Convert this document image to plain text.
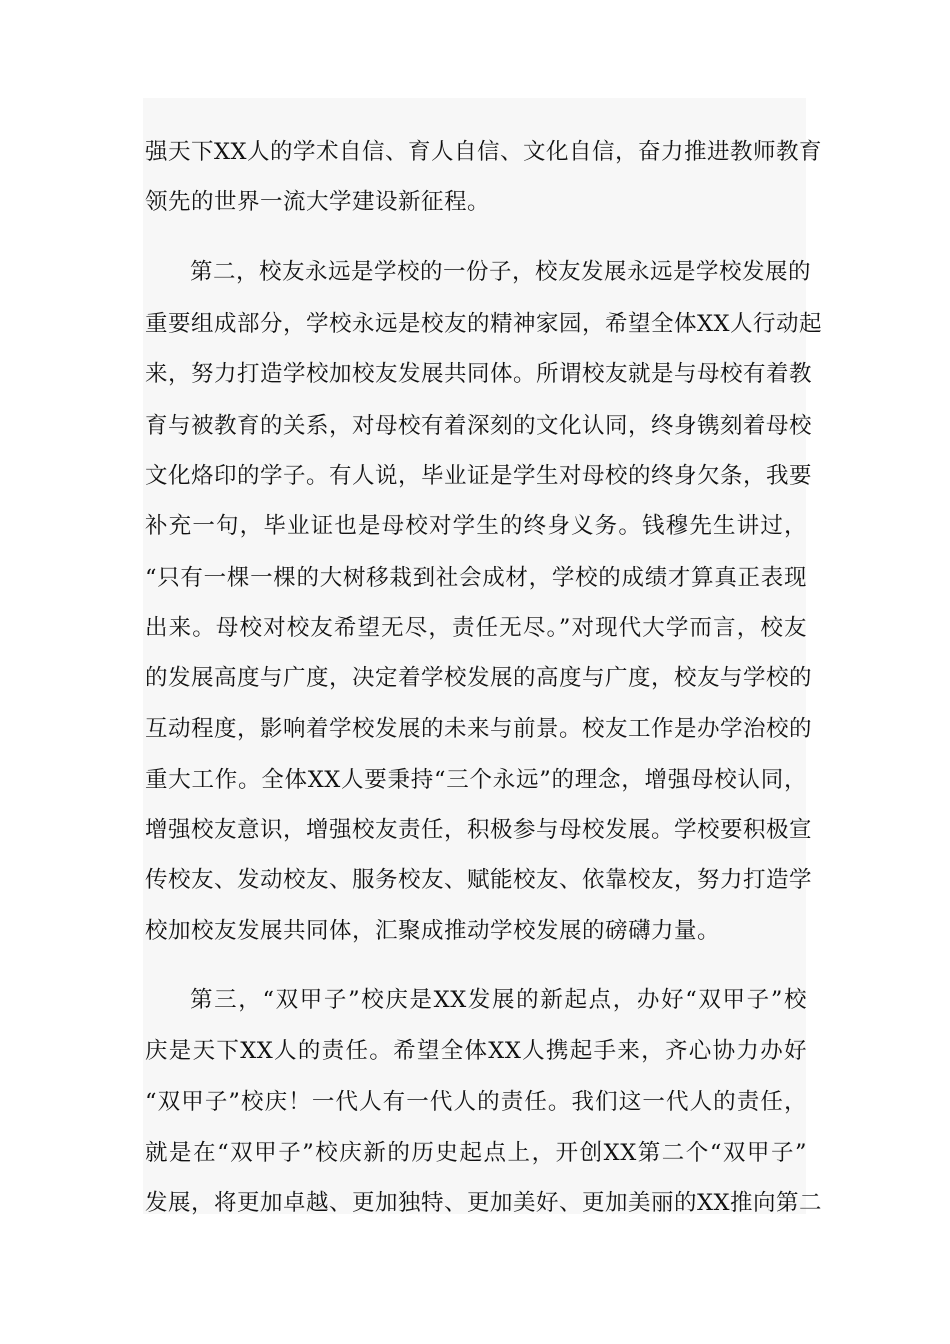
强天下XX人的学术自信、育人自信、文化自信，奋力推进教师教育
领先的世界一流大学建设新征程。
第二，校友永远是学校的一份子，校友发展永远是学校发展的
重要组成部分，学校永远是校友的精神家园，希望全体XX人行动起
来，努力打造学校加校友发展共同体。所谓校友就是与母校有着教
育与被教育的关系，对母校有着深刻的文化认同，终身镌刻着母校
文化烙印的学子。有人说，毕业证是学生对母校的终身欠条，我要
补充一句，毕业证也是母校对学生的终身义务。钱穆先生讲过，
“只有一棵一棵的大树移栽到社会成材，学校的成绩才算真正表现
出来。母校对校友希望无尽，责任无尽。”对现代大学而言，校友
的发展高度与广度，决定着学校发展的高度与广度，校友与学校的
互动程度，影响着学校发展的未来与前景。校友工作是办学治校的
重大工作。全体XX人要秉持“三个永远”的理念，增强母校认同，
增强校友意识，增强校友责任，积极参与母校发展。学校要积极宣
传校友、发动校友、服务校友、赋能校友、依靠校友，努力打造学
校加校友发展共同体，汇聚成推动学校发展的磅礴力量。
第三，“双甲子”校庆是XX发展的新起点，办好“双甲子”校
庆是天下XX人的责任。希望全体XX人携起手来，齐心协力办好
“双甲子”校庆！一代人有一代人的责任。我们这一代人的责任，
就是在“双甲子”校庆新的历史起点上，开创XX第二个“双甲子”
发展，将更加卓越、更加独特、更加美好、更加美丽的XX推向第二
